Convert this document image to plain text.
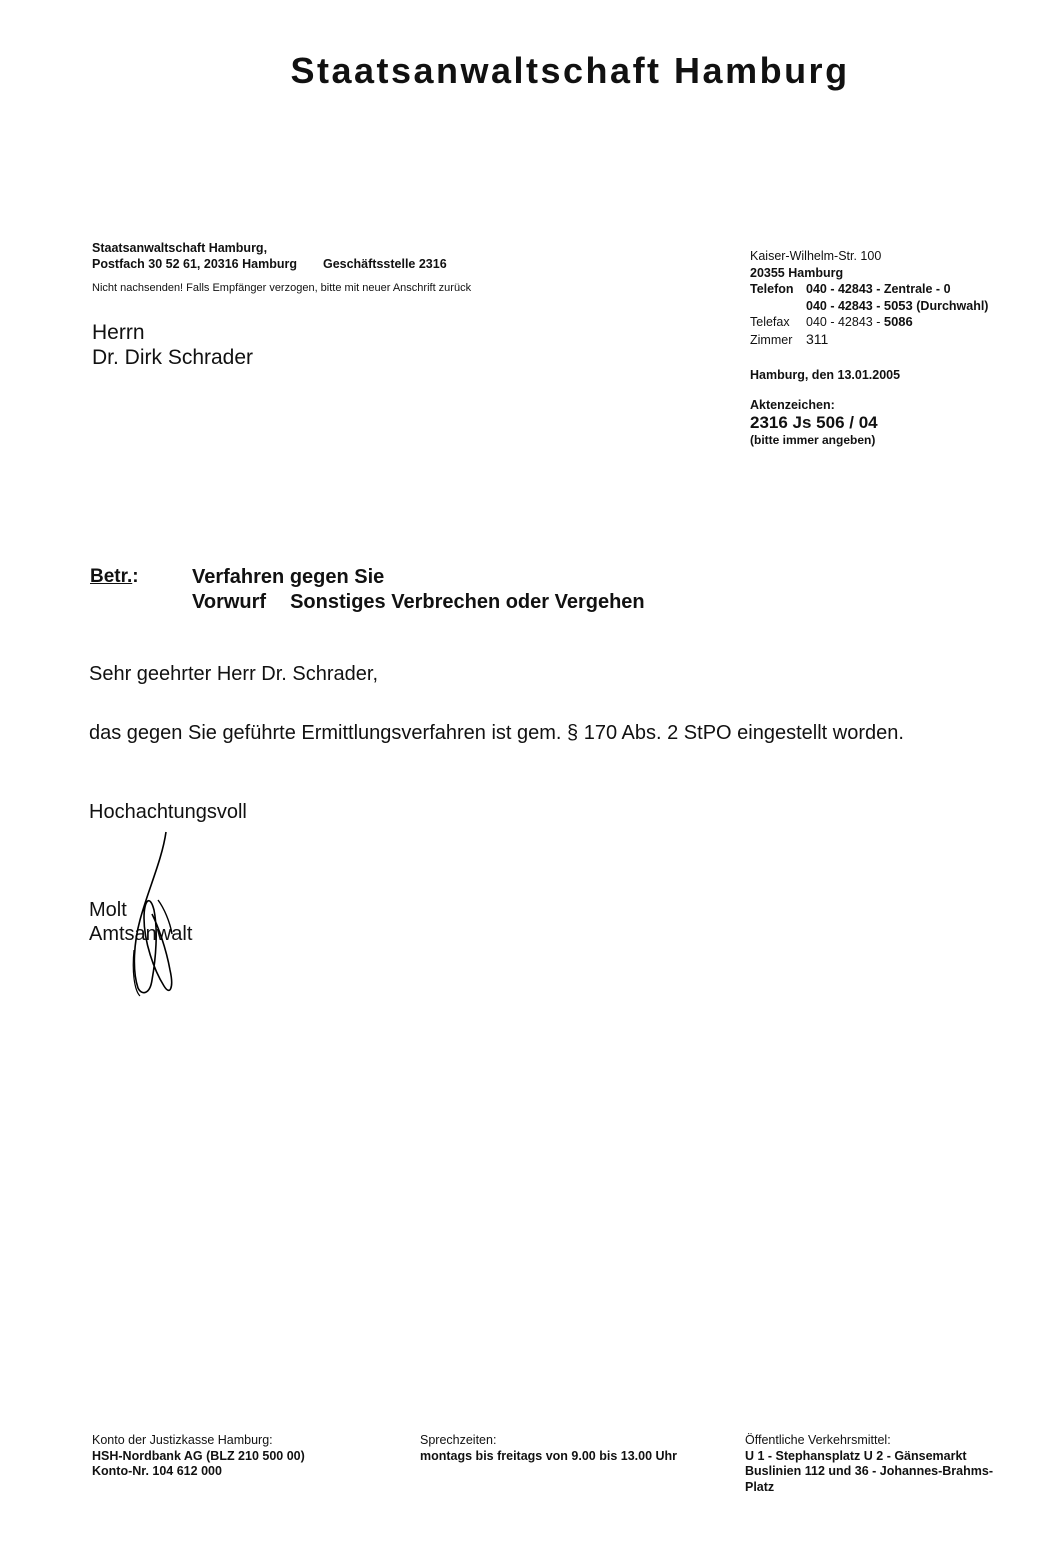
Staatsanwaltschaft Hamburg
Staatsanwaltschaft Hamburg,
Postfach 30 52 61, 20316 Hamburg Geschäftsstelle 2316
Nicht nachsenden! Falls Empfänger verzogen, bitte mit neuer Anschrift zurück
Herrn
Dr. Dirk Schrader
Kaiser-Wilhelm-Str. 100
20355 Hamburg
Telefon 040 - 42843 - Zentrale - 0
040 - 42843 - 5053 (Durchwahl)
Telefax 040 - 42843 - 5086
Zimmer 311
Hamburg, den 13.01.2005
Aktenzeichen:
2316 Js 506 / 04
(bitte immer angeben)
Betr.:	Verfahren gegen Sie
Vorwurf Sonstiges Verbrechen oder Vergehen
Sehr geehrter Herr Dr. Schrader,
das gegen Sie geführte Ermittlungsverfahren ist gem. § 170 Abs. 2 StPO eingestellt worden.
Hochachtungsvoll
Molt
Amtsanwalt
Konto der Justizkasse Hamburg:
HSH-Nordbank AG (BLZ 210 500 00)
Konto-Nr. 104 612 000
Sprechzeiten:
montags bis freitags von 9.00 bis 13.00 Uhr
Öffentliche Verkehrsmittel:
U 1 - Stephansplatz U 2 - Gänsemarkt
Buslinien 112 und 36 - Johannes-Brahms-
Platz
